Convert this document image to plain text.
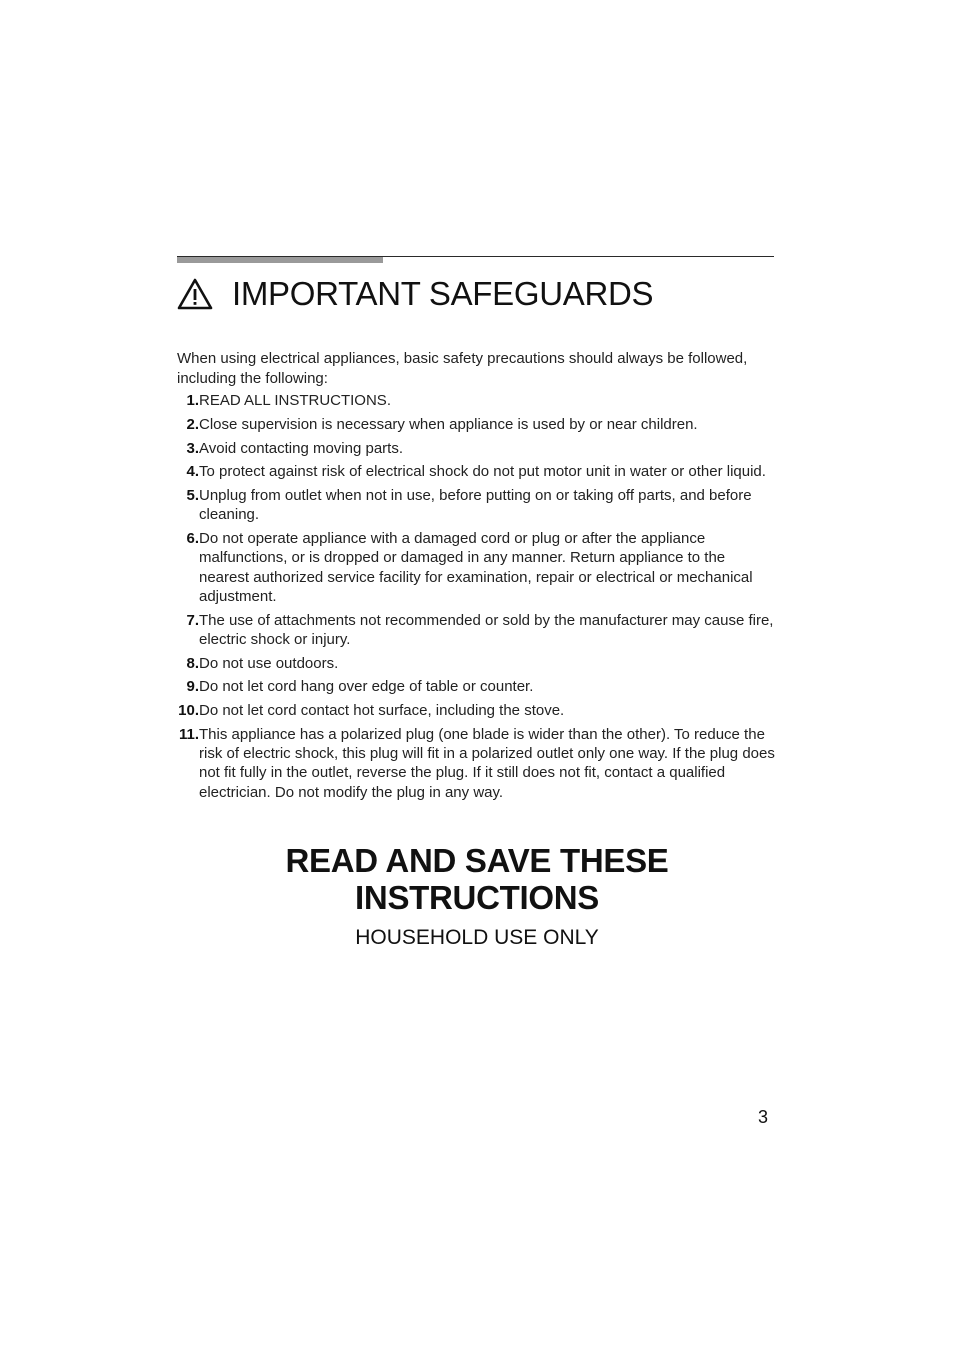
IMPORTANT SAFEGUARDS

When using electrical appliances, basic safety precautions should always be followed, including the following:

1. READ ALL INSTRUCTIONS.
2. Close supervision is necessary when appliance is used by or near children.
3. Avoid contacting moving parts.
4. To protect against risk of electrical shock do not put motor unit in water or other liquid.
5. Unplug from outlet when not in use, before putting on or taking off parts, and before cleaning.
6. Do not operate appliance with a damaged cord or plug or after the appliance malfunctions, or is dropped or damaged in any manner. Return appliance to the nearest authorized service facility for examination, repair or electrical or mechanical adjustment.
7. The use of attachments not recommended or sold by the manufacturer may cause fire, electric shock or injury.
8. Do not use outdoors.
9. Do not let cord hang over edge of table or counter.
10. Do not let cord contact hot surface, including the stove.
11. This appliance has a polarized plug (one blade is wider than the other). To reduce the risk of electric shock, this plug will fit in a polarized outlet only one way. If the plug does not fit fully in the outlet, reverse the plug. If it still does not fit, contact a qualified electrician. Do not modify the plug in any way.
READ AND SAVE THESE
INSTRUCTIONS

HOUSEHOLD USE ONLY

3
